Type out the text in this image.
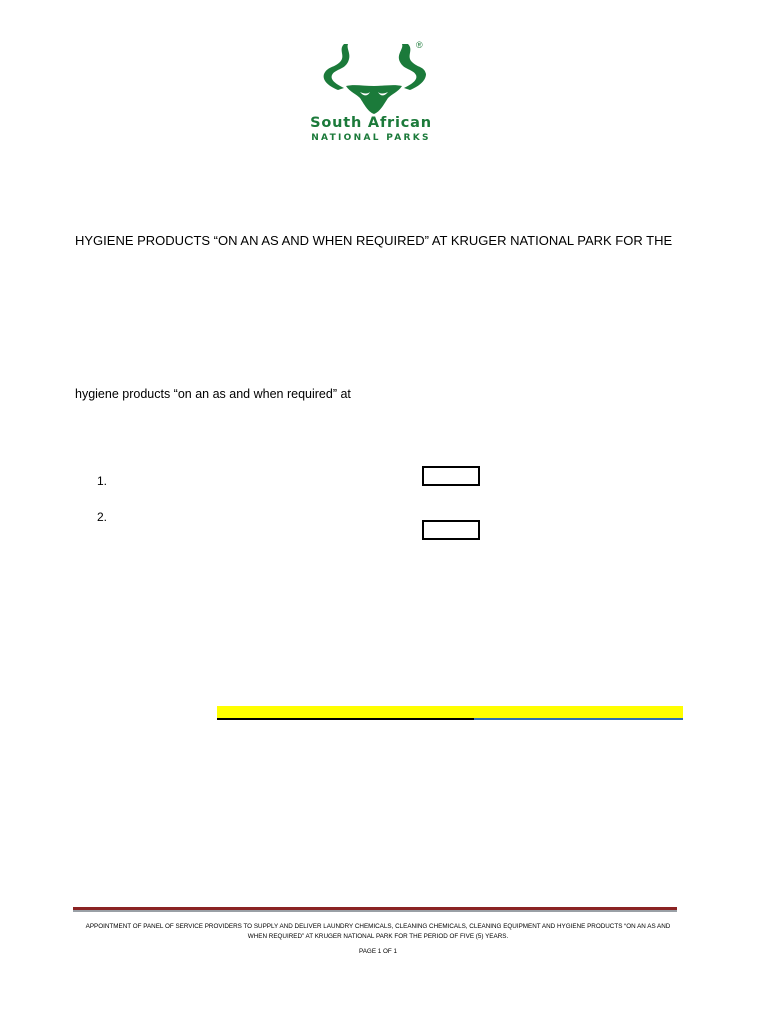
®
South African
NATIONAL PARKS
HYGIENE PRODUCTS “ON AN AS AND WHEN REQUIRED” AT KRUGER NATIONAL PARK FOR THE
hygiene products “on an as and when required” at
1.
2.
APPOINTMENT OF PANEL OF SERVICE PROVIDERS TO SUPPLY AND DELIVER LAUNDRY CHEMICALS, CLEANING CHEMICALS, CLEANING EQUIPMENT AND HYGIENE PRODUCTS “ON AN AS AND WHEN REQUIRED” AT KRUGER NATIONAL PARK FOR THE PERIOD OF FIVE (5) YEARS.
PAGE 1 OF 1
